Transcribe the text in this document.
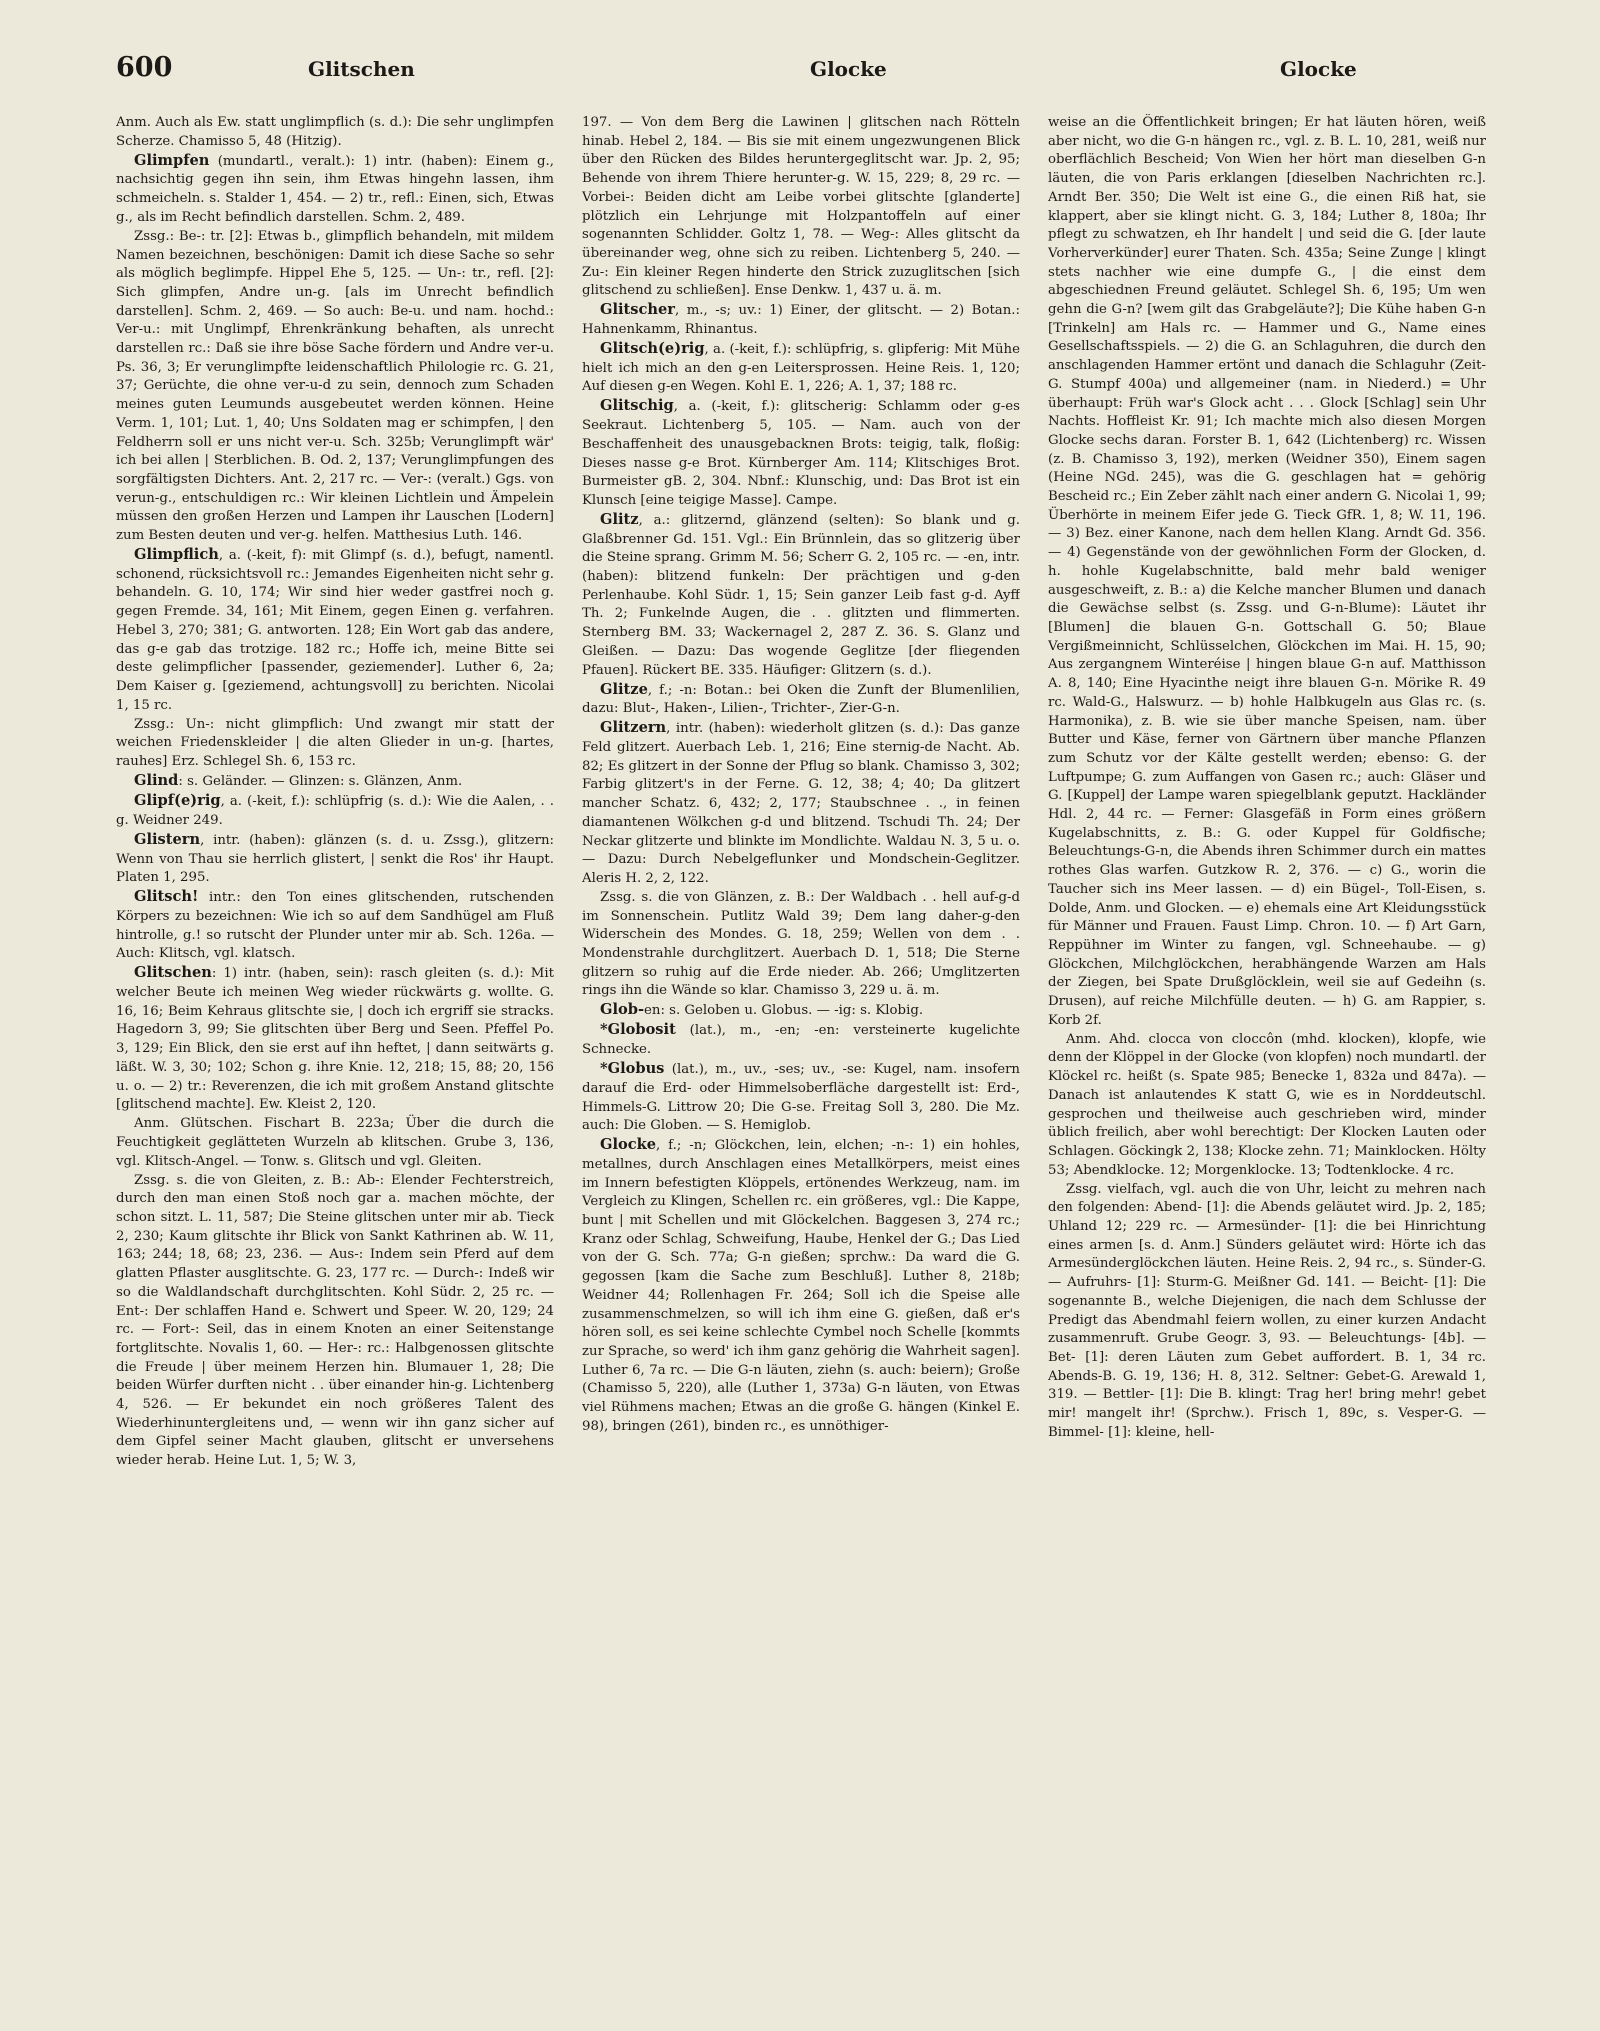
600	Glitschen	Glocke	Glocke

Anm. Auch als Ew. statt unglimpflich (s. d.): Die sehr unglimpfen Scherze. Chamisso 5, 48 (Hitzig).

Glimpfen (mundartl., veralt.): 1) intr. (haben): Einem g., nachsichtig gegen ihn sein, ihm Etwas hingehn lassen, ihm schmeicheln. s. Stalder 1, 454. — 2) tr., refl.: Einen, sich, Etwas g., als im Recht befindlich darstellen. Schm. 2, 489.

Zssg.: Be-: tr. [2]: Etwas b., glimpflich behandeln, mit mildem Namen bezeichnen, beschönigen: Damit ich diese Sache so sehr als möglich beglimpfe. Hippel Ehe 5, 125. — Un-: tr., refl. [2]: Sich glimpfen, Andre un-g. [als im Unrecht befindlich darstellen]. Schm. 2, 469. — So auch: Be-u. und nam. hochd.: Ver-u.: mit Unglimpf, Ehrenkränkung behaften, als unrecht darstellen rc.: Daß sie ihre böse Sache fördern und Andre ver-u. Ps. 36, 3; Er verunglimpfte leidenschaftlich Philologie rc. G. 21, 37; Gerüchte, die ohne ver-u-d zu sein, dennoch zum Schaden meines guten Leumunds ausgebeutet werden können. Heine Verm. 1, 101; Lut. 1, 40; Uns Soldaten mag er schimpfen, | den Feldherrn soll er uns nicht ver-u. Sch. 325b; Verunglimpft wär' ich bei allen | Sterblichen. B. Od. 2, 137; Verunglimpfungen des sorgfältigsten Dichters. Ant. 2, 217 rc. — Ver-: (veralt.) Ggs. von verun-g., entschuldigen rc.: Wir kleinen Lichtlein und Ämpelein müssen den großen Herzen und Lampen ihr Lauschen [Lodern] zum Besten deuten und ver-g. helfen. Matthesius Luth. 146.

Glimpflich, a. (-keit, f): mit Glimpf (s. d.), befugt, namentl. schonend, rücksichtsvoll rc.: Jemandes Eigenheiten nicht sehr g. behandeln. G. 10, 174; Wir sind hier weder gastfrei noch g. gegen Fremde. 34, 161; Mit Einem, gegen Einen g. verfahren. Hebel 3, 270; 381; G. antworten. 128; Ein Wort gab das andere, das g-e gab das trotzige. 182 rc.; Hoffe ich, meine Bitte sei deste gelimpflicher [passender, geziemender]. Luther 6, 2a; Dem Kaiser g. [geziemend, achtungsvoll] zu berichten. Nicolai 1, 15 rc.

Zssg.: Un-: nicht glimpflich: Und zwangt mir statt der weichen Friedenskleider | die alten Glieder in un-g. [hartes, rauhes] Erz. Schlegel Sh. 6, 153 rc.

Glind: s. Geländer. — Glinzen: s. Glänzen, Anm.

Glipf(e)rig, a. (-keit, f.): schlüpfrig (s. d.): Wie die Aalen, . . g. Weidner 249.

Glistern, intr. (haben): glänzen (s. d. u. Zssg.), glitzern: Wenn von Thau sie herrlich glistert, | senkt die Ros' ihr Haupt. Platen 1, 295.

Glitsch! intr.: den Ton eines glitschenden, rutschenden Körpers zu bezeichnen: Wie ich so auf dem Sandhügel am Fluß hintrolle, g.! so rutscht der Plunder unter mir ab. Sch. 126a. — Auch: Klitsch, vgl. klatsch.

Glitschen: 1) intr. (haben, sein): rasch gleiten (s. d.): Mit welcher Beute ich meinen Weg wieder rückwärts g. wollte. G. 16, 16; Beim Kehraus glitschte sie, | doch ich ergriff sie stracks. Hagedorn 3, 99; Sie glitschten über Berg und Seen. Pfeffel Po. 3, 129; Ein Blick, den sie erst auf ihn heftet, | dann seitwärts g. läßt. W. 3, 30; 102; Schon g. ihre Knie. 12, 218; 15, 88; 20, 156 u. o. — 2) tr.: Reverenzen, die ich mit großem Anstand glitschte [glitschend machte]. Ew. Kleist 2, 120.

Anm. Glütschen. Fischart B. 223a; Über die durch die Feuchtigkeit geglätteten Wurzeln ab klitschen. Grube 3, 136, vgl. Klitsch-Angel. — Tonw. s. Glitsch und vgl. Gleiten.

Zssg. s. die von Gleiten, z. B.: Ab-: Elender Fechterstreich, durch den man einen Stoß noch gar a. machen möchte, der schon sitzt. L. 11, 587; Die Steine glitschen unter mir ab. Tieck 2, 230; Kaum glitschte ihr Blick von Sankt Kathrinen ab. W. 11, 163; 244; 18, 68; 23, 236. — Aus-: Indem sein Pferd auf dem glatten Pflaster ausglitschte. G. 23, 177 rc. — Durch-: Indeß wir so die Waldlandschaft durchglitschten. Kohl Südr. 2, 25 rc. — Ent-: Der schlaffen Hand e. Schwert und Speer. W. 20, 129; 24 rc. — Fort-: Seil, das in einem Knoten an einer Seitenstange fortglitschte. Novalis 1, 60. — Her-: rc.: Halbgenossen glitschte die Freude | über meinem Herzen hin. Blumauer 1, 28; Die beiden Würfer durften nicht . . über einander hin-g. Lichtenberg 4, 526. — Er bekundet ein noch größeres Talent des Wiederhinuntergleitens und, — wenn wir ihn ganz sicher auf dem Gipfel seiner Macht glauben, glitscht er unversehens wieder herab. Heine Lut. 1, 5; W. 3,

197. — Von dem Berg die Lawinen | glitschen nach Rötteln hinab. Hebel 2, 184. — Bis sie mit einem ungezwungenen Blick über den Rücken des Bildes heruntergeglitscht war. Jp. 2, 95; Behende von ihrem Thiere herunter-g. W. 15, 229; 8, 29 rc. — Vorbei-: Beiden dicht am Leibe vorbei glitschte [glanderte] plötzlich ein Lehrjunge mit Holzpantoffeln auf einer sogenannten Schlidder. Goltz 1, 78. — Weg-: Alles glitscht da übereinander weg, ohne sich zu reiben. Lichtenberg 5, 240. — Zu-: Ein kleiner Regen hinderte den Strick zuzuglitschen [sich glitschend zu schließen]. Ense Denkw. 1, 437 u. ä. m.

Glitscher, m., -s; uv.: 1) Einer, der glitscht. — 2) Botan.: Hahnenkamm, Rhinantus.

Glitsch(e)rig, a. (-keit, f.): schlüpfrig, s. glipferig: Mit Mühe hielt ich mich an den g-en Leitersprossen. Heine Reis. 1, 120; Auf diesen g-en Wegen. Kohl E. 1, 226; A. 1, 37; 188 rc.

Glitschig, a. (-keit, f.): glitscherig: Schlamm oder g-es Seekraut. Lichtenberg 5, 105. — Nam. auch von der Beschaffenheit des unausgebacknen Brots: teigig, talk, floßig: Dieses nasse g-e Brot. Kürnberger Am. 114; Klitschiges Brot. Burmeister gB. 2, 304. Nbnf.: Klunschig, und: Das Brot ist ein Klunsch [eine teigige Masse]. Campe.

Glitz, a.: glitzernd, glänzend (selten): So blank und g. Glaßbrenner Gd. 151. Vgl.: Ein Brünnlein, das so glitzerig über die Steine sprang. Grimm M. 56; Scherr G. 2, 105 rc. — -en, intr. (haben): blitzend funkeln: Der prächtigen und g-den Perlenhaube. Kohl Südr. 1, 15; Sein ganzer Leib fast g-d. Ayff Th. 2; Funkelnde Augen, die . . glitzten und flimmerten. Sternberg BM. 33; Wackernagel 2, 287 Z. 36. S. Glanz und Gleißen. — Dazu: Das wogende Geglitze [der fliegenden Pfauen]. Rückert BE. 335. Häufiger: Glitzern (s. d.).

Glitze, f.; -n: Botan.: bei Oken die Zunft der Blumenlilien, dazu: Blut-, Haken-, Lilien-, Trichter-, Zier-G-n.

Glitzern, intr. (haben): wiederholt glitzen (s. d.): Das ganze Feld glitzert. Auerbach Leb. 1, 216; Eine sternig-de Nacht. Ab. 82; Es glitzert in der Sonne der Pflug so blank. Chamisso 3, 302; Farbig glitzert's in der Ferne. G. 12, 38; 4; 40; Da glitzert mancher Schatz. 6, 432; 2, 177; Staubschnee . ., in feinen diamantenen Wölkchen g-d und blitzend. Tschudi Th. 24; Der Neckar glitzerte und blinkte im Mondlichte. Waldau N. 3, 5 u. o. — Dazu: Durch Nebelgeflunker und Mondschein-Geglitzer. Aleris H. 2, 2, 122.

Zssg. s. die von Glänzen, z. B.: Der Waldbach . . hell auf-g-d im Sonnenschein. Putlitz Wald 39; Dem lang daher-g-den Widerschein des Mondes. G. 18, 259; Wellen von dem . . Mondenstrahle durchglitzert. Auerbach D. 1, 518; Die Sterne glitzern so ruhig auf die Erde nieder. Ab. 266; Umglitzerten rings ihn die Wände so klar. Chamisso 3, 229 u. ä. m.

Glob-en: s. Geloben u. Globus. — -ig: s. Klobig.

*Globosit (lat.), m., -en; -en: versteinerte kugelichte Schnecke.

*Globus (lat.), m., uv., -ses; uv., -se: Kugel, nam. insofern darauf die Erd- oder Himmelsoberfläche dargestellt ist: Erd-, Himmels-G. Littrow 20; Die G-se. Freitag Soll 3, 280. Die Mz. auch: Die Globen. — S. Hemiglob.

Glocke, f.; -n; Glöckchen, lein, elchen; -n-: 1) ein hohles, metallnes, durch Anschlagen eines Metallkörpers, meist eines im Innern befestigten Klöppels, ertönendes Werkzeug, nam. im Vergleich zu Klingen, Schellen rc. ein größeres, vgl.: Die Kappe, bunt | mit Schellen und mit Glöckelchen. Baggesen 3, 274 rc.; Kranz oder Schlag, Schweifung, Haube, Henkel der G.; Das Lied von der G. Sch. 77a; G-n gießen; sprchw.: Da ward die G. gegossen [kam die Sache zum Beschluß]. Luther 8, 218b; Weidner 44; Rollenhagen Fr. 264; Soll ich die Speise alle zusammenschmelzen, so will ich ihm eine G. gießen, daß er's hören soll, es sei keine schlechte Cymbel noch Schelle [kommts zur Sprache, so werd' ich ihm ganz gehörig die Wahrheit sagen]. Luther 6, 7a rc. — Die G-n läuten, ziehn (s. auch: beiern); Große (Chamisso 5, 220), alle (Luther 1, 373a) G-n läuten, von Etwas viel Rühmens machen; Etwas an die große G. hängen (Kinkel E. 98), bringen (261), binden rc., es unnöthiger-

weise an die Öffentlichkeit bringen; Er hat läuten hören, weiß aber nicht, wo die G-n hängen rc., vgl. z. B. L. 10, 281, weiß nur oberflächlich Bescheid; Von Wien her hört man dieselben G-n läuten, die von Paris erklangen [dieselben Nachrichten rc.]. Arndt Ber. 350; Die Welt ist eine G., die einen Riß hat, sie klappert, aber sie klingt nicht. G. 3, 184; Luther 8, 180a; Ihr pflegt zu schwatzen, eh Ihr handelt | und seid die G. [der laute Vorherverkünder] eurer Thaten. Sch. 435a; Seine Zunge | klingt stets nachher wie eine dumpfe G., | die einst dem abgeschiednen Freund geläutet. Schlegel Sh. 6, 195; Um wen gehn die G-n? [wem gilt das Grabgeläute?]; Die Kühe haben G-n [Trinkeln] am Hals rc. — Hammer und G., Name eines Gesellschaftsspiels. — 2) die G. an Schlaguhren, die durch den anschlagenden Hammer ertönt und danach die Schlaguhr (Zeit-G. Stumpf 400a) und allgemeiner (nam. in Niederd.) = Uhr überhaupt: Früh war's Glock acht . . . Glock [Schlag] sein Uhr Nachts. Hoffleist Kr. 91; Ich machte mich also diesen Morgen Glocke sechs daran. Forster B. 1, 642 (Lichtenberg) rc. Wissen (z. B. Chamisso 3, 192), merken (Weidner 350), Einem sagen (Heine NGd. 245), was die G. geschlagen hat = gehörig Bescheid rc.; Ein Zeber zählt nach einer andern G. Nicolai 1, 99; Überhörte in meinem Eifer jede G. Tieck GfR. 1, 8; W. 11, 196. — 3) Bez. einer Kanone, nach dem hellen Klang. Arndt Gd. 356. — 4) Gegenstände von der gewöhnlichen Form der Glocken, d. h. hohle Kugelabschnitte, bald mehr bald weniger ausgeschweift, z. B.: a) die Kelche mancher Blumen und danach die Gewächse selbst (s. Zssg. und G-n-Blume): Läutet ihr [Blumen] die blauen G-n. Gottschall G. 50; Blaue Vergißmeinnicht, Schlüsselchen, Glöckchen im Mai. H. 15, 90; Aus zergangnem Winteréise | hingen blaue G-n auf. Matthisson A. 8, 140; Eine Hyacinthe neigt ihre blauen G-n. Mörike R. 49 rc. Wald-G., Halswurz. — b) hohle Halbkugeln aus Glas rc. (s. Harmonika), z. B. wie sie über manche Speisen, nam. über Butter und Käse, ferner von Gärtnern über manche Pflanzen zum Schutz vor der Kälte gestellt werden; ebenso: G. der Luftpumpe; G. zum Auffangen von Gasen rc.; auch: Gläser und G. [Kuppel] der Lampe waren spiegelblank geputzt. Hackländer Hdl. 2, 44 rc. — Ferner: Glasgefäß in Form eines größern Kugelabschnitts, z. B.: G. oder Kuppel für Goldfische; Beleuchtungs-G-n, die Abends ihren Schimmer durch ein mattes rothes Glas warfen. Gutzkow R. 2, 376. — c) G., worin die Taucher sich ins Meer lassen. — d) ein Bügel-, Toll-Eisen, s. Dolde, Anm. und Glocken. — e) ehemals eine Art Kleidungsstück für Männer und Frauen. Faust Limp. Chron. 10. — f) Art Garn, Reppühner im Winter zu fangen, vgl. Schneehaube. — g) Glöckchen, Milchglöckchen, herabhängende Warzen am Hals der Ziegen, bei Spate Drußglöcklein, weil sie auf Gedeihn (s. Drusen), auf reiche Milchfülle deuten. — h) G. am Rappier, s. Korb 2f.

Anm. Ahd. clocca von cloccôn (mhd. klocken), klopfe, wie denn der Klöppel in der Glocke (von klopfen) noch mundartl. der Klöckel rc. heißt (s. Spate 985; Benecke 1, 832a und 847a). — Danach ist anlautendes K statt G, wie es in Norddeutschl. gesprochen und theilweise auch geschrieben wird, minder üblich freilich, aber wohl berechtigt: Der Klocken Lauten oder Schlagen. Göckingk 2, 138; Klocke zehn. 71; Mainklocken. Hölty 53; Abendklocke. 12; Morgenklocke. 13; Todtenklocke. 4 rc.

Zssg. vielfach, vgl. auch die von Uhr, leicht zu mehren nach den folgenden: Abend- [1]: die Abends geläutet wird. Jp. 2, 185; Uhland 12; 229 rc. — Armesünder- [1]: die bei Hinrichtung eines armen [s. d. Anm.] Sünders geläutet wird: Hörte ich das Armesünderglöckchen läuten. Heine Reis. 2, 94 rc., s. Sünder-G. — Aufruhrs- [1]: Sturm-G. Meißner Gd. 141. — Beicht- [1]: Die sogenannte B., welche Diejenigen, die nach dem Schlusse der Predigt das Abendmahl feiern wollen, zu einer kurzen Andacht zusammenruft. Grube Geogr. 3, 93. — Beleuchtungs- [4b]. — Bet- [1]: deren Läuten zum Gebet auffordert. B. 1, 34 rc. Abends-B. G. 19, 136; H. 8, 312. Seltner: Gebet-G. Arewald 1, 319. — Bettler- [1]: Die B. klingt: Trag her! bring mehr! gebet mir! mangelt ihr! (Sprchw.). Frisch 1, 89c, s. Vesper-G. — Bimmel- [1]: kleine, hell-
